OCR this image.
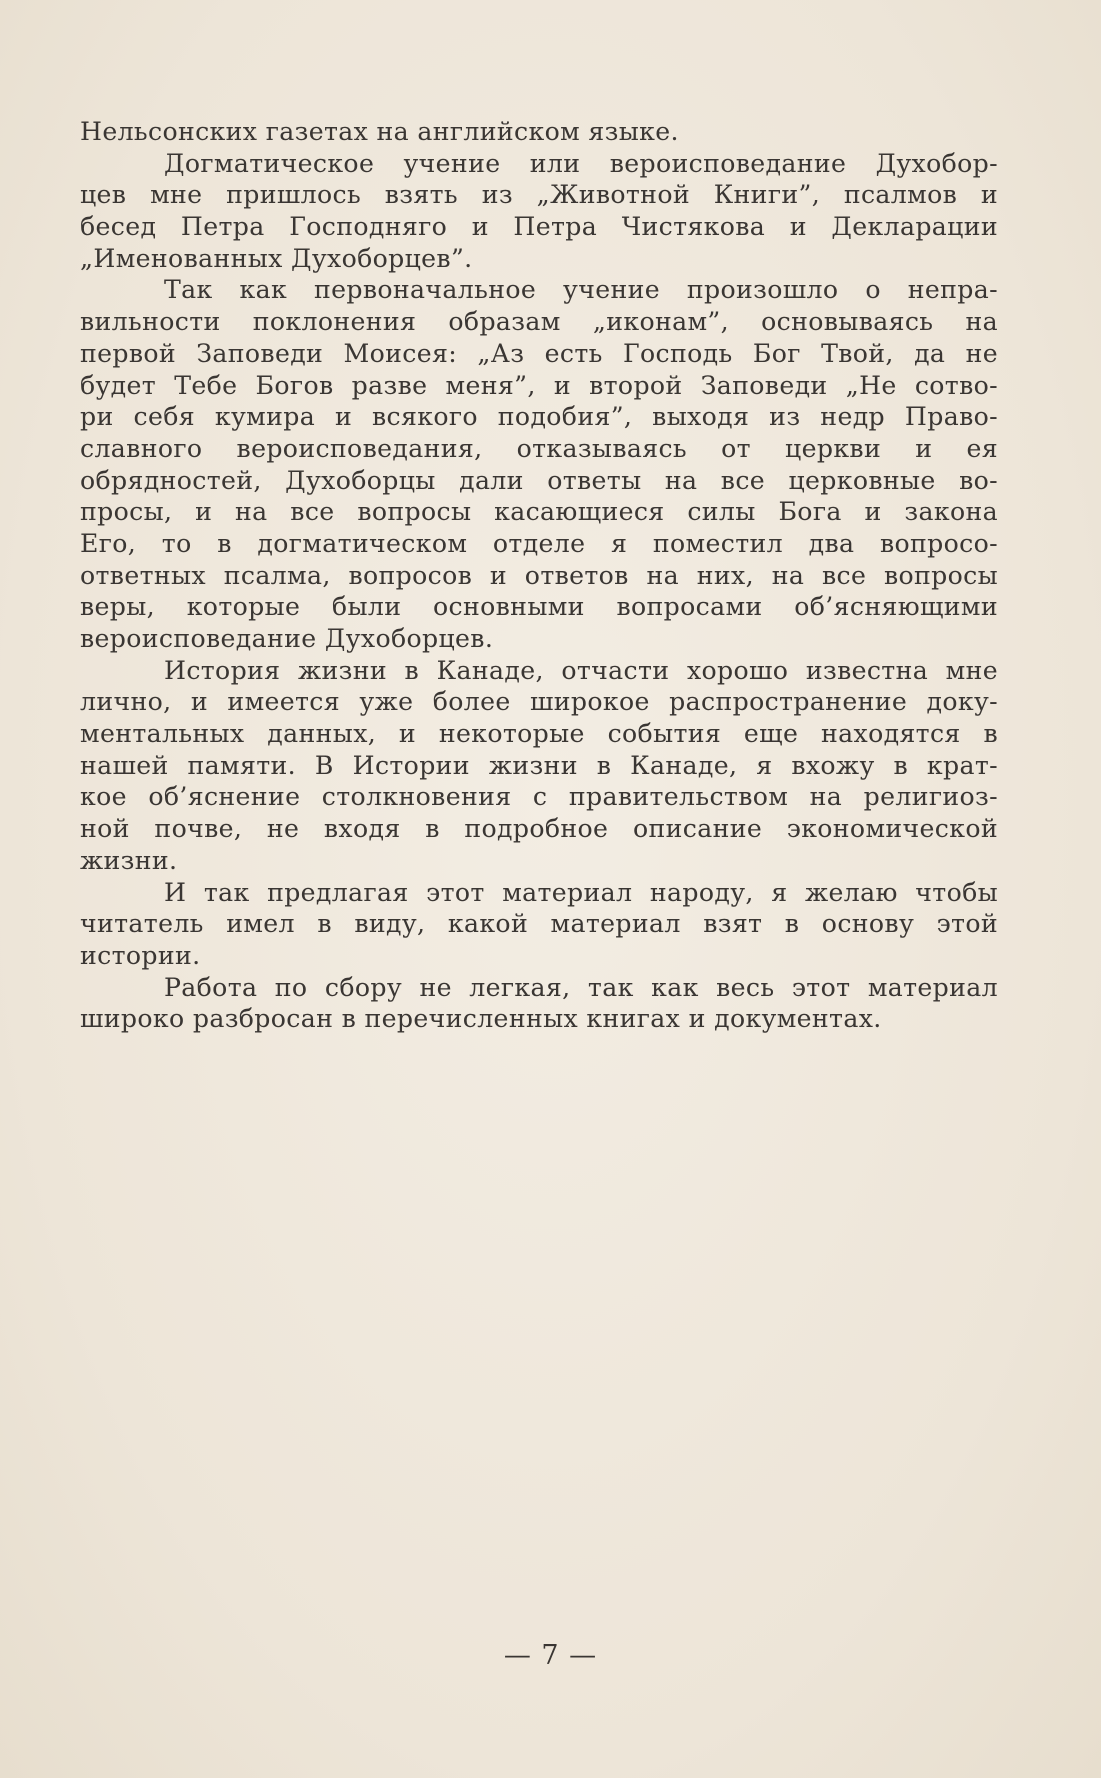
Нельсонских газетах на английском языке.
Догматическое учение или вероисповедание Духобор-
цев мне пришлось взять из „Животной Книги”, псалмов и
бесед Петра Господняго и Петра Чистякова и Декларации
„Именованных Духоборцев”.
Так как первоначальное учение произошло о непра-
вильности поклонения образам „иконам”, основываясь на
первой Заповеди Моисея: „Аз есть Господь Бог Твой, да не
будет Тебе Богов разве меня”, и второй Заповеди „Не сотво-
ри себя кумира и всякого подобия”, выходя из недр Право-
славного вероисповедания, отказываясь от церкви и ея
обрядностей, Духоборцы дали ответы на все церковные во-
просы, и на все вопросы касающиеся силы Бога и закона
Его, то в догматическом отделе я поместил два вопросо-
ответных псалма, вопросов и ответов на них, на все вопросы
веры, которые были основными вопросами об’ясняющими
вероисповедание Духоборцев.
История жизни в Канаде, отчасти хорошо известна мне
лично, и имеется уже более широкое распространение доку-
ментальных данных, и некоторые события еще находятся в
нашей памяти. В Истории жизни в Канаде, я вхожу в крат-
кое об’яснение столкновения с правительством на религиоз-
ной почве, не входя в подробное описание экономической
жизни.
И так предлагая этот материал народу, я желаю чтобы
читатель имел в виду, какой материал взят в основу этой
истории.
Работа по сбору не легкая, так как весь этот материал
широко разбросан в перечисленных книгах и документах.
— 7 —
